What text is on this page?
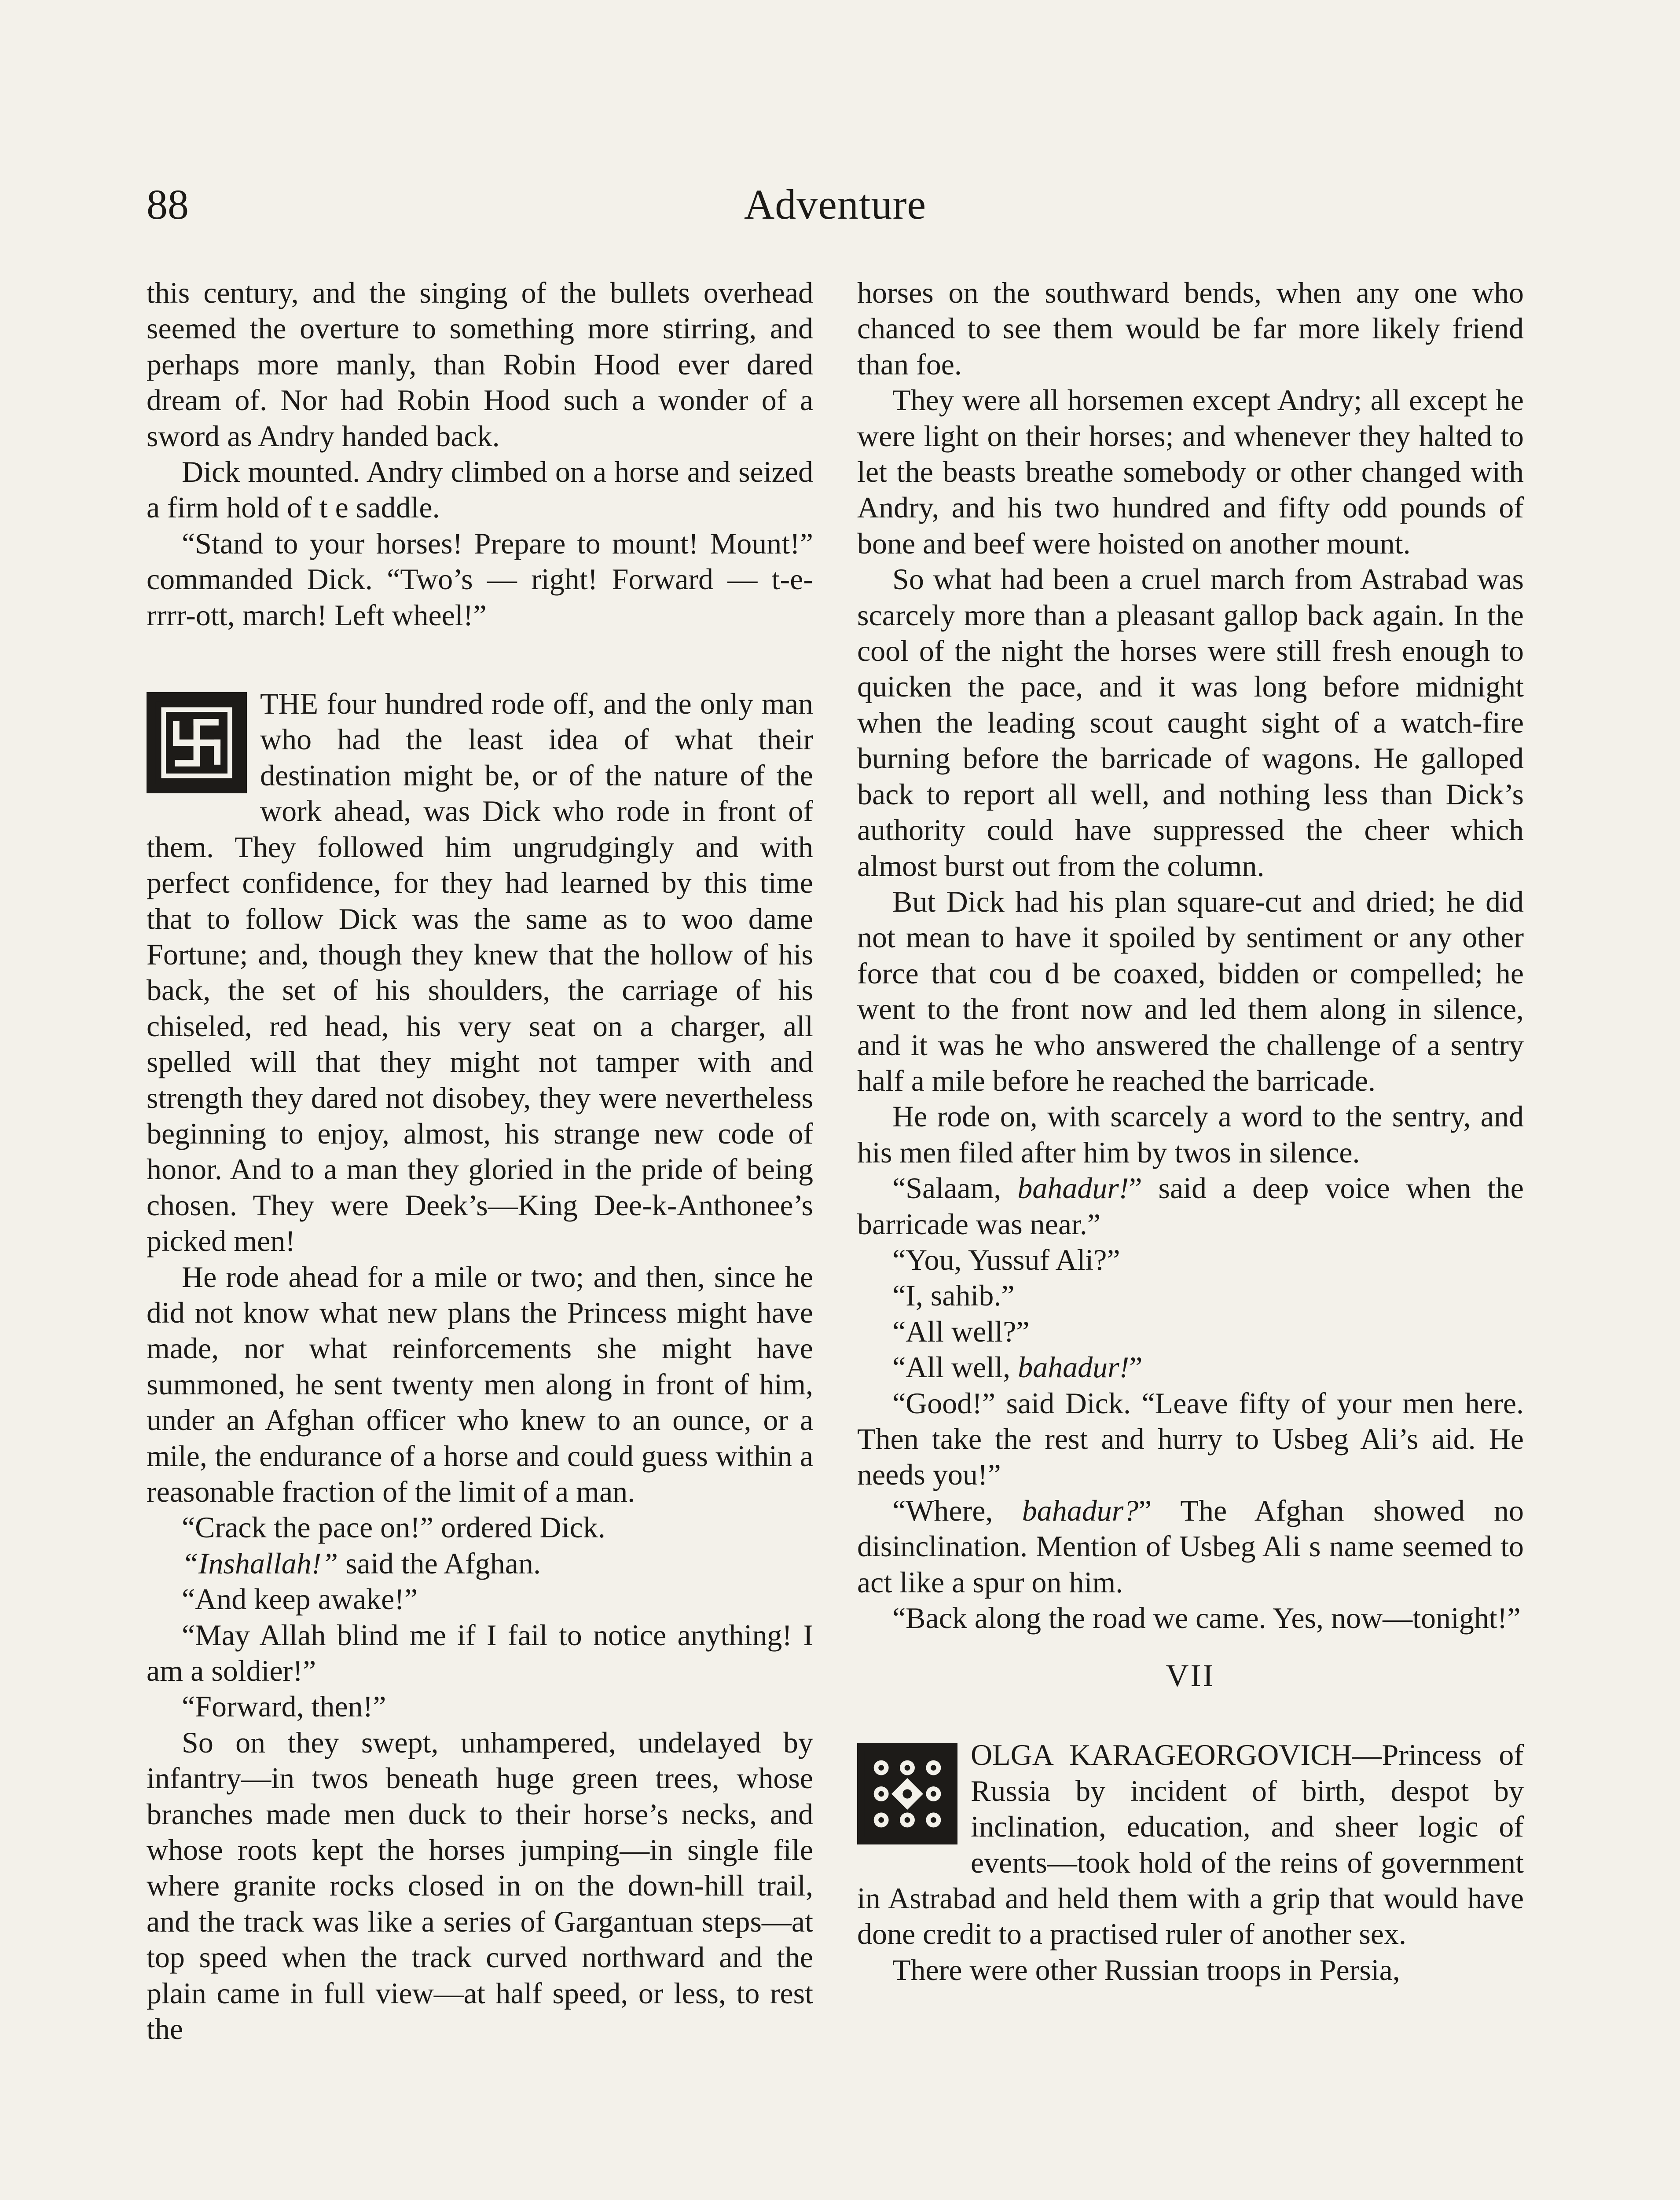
88	Adventure

this century, and the singing of the bullets overhead seemed the overture to something more stirring, and perhaps more manly, than Robin Hood ever dared dream of. Nor had Robin Hood such a wonder of a sword as Andry handed back.

Dick mounted. Andry climbed on a horse and seized a firm hold of t e saddle.

“Stand to your horses! Prepare to mount! Mount!” commanded Dick. “Two’s — right! Forward — t-e-rrrr-ott, march! Left wheel!”

THE four hundred rode off, and the only man who had the least idea of what their destination might be, or of the nature of the work ahead, was Dick who rode in front of them. They followed him ungrudgingly and with perfect confidence, for they had learned by this time that to follow Dick was the same as to woo dame Fortune; and, though they knew that the hollow of his back, the set of his shoulders, the carriage of his chiseled, red head, his very seat on a charger, all spelled will that they might not tamper with and strength they dared not disobey, they were nevertheless beginning to enjoy, almost, his strange new code of honor. And to a man they gloried in the pride of being chosen. They were Deek’s—King Dee-k-Anthonee’s picked men!

He rode ahead for a mile or two; and then, since he did not know what new plans the Princess might have made, nor what reinforcements she might have summoned, he sent twenty men along in front of him, under an Afghan officer who knew to an ounce, or a mile, the endurance of a horse and could guess within a reasonable fraction of the limit of a man.

“Crack the pace on!” ordered Dick.

“Inshallah!” said the Afghan.

“And keep awake!”

“May Allah blind me if I fail to notice anything! I am a soldier!”

“Forward, then!”

So on they swept, unhampered, undelayed by infantry—in twos beneath huge green trees, whose branches made men duck to their horse’s necks, and whose roots kept the horses jumping—in single file where granite rocks closed in on the down-hill trail, and the track was like a series of Gargantuan steps—at top speed when the track curved northward and the plain came in full view—at half speed, or less, to rest the

horses on the southward bends, when any one who chanced to see them would be far more likely friend than foe.

They were all horsemen except Andry; all except he were light on their horses; and whenever they halted to let the beasts breathe somebody or other changed with Andry, and his two hundred and fifty odd pounds of bone and beef were hoisted on another mount.

So what had been a cruel march from Astrabad was scarcely more than a pleasant gallop back again. In the cool of the night the horses were still fresh enough to quicken the pace, and it was long before midnight when the leading scout caught sight of a watch-fire burning before the barricade of wagons. He galloped back to report all well, and nothing less than Dick’s authority could have suppressed the cheer which almost burst out from the column.

But Dick had his plan square-cut and dried; he did not mean to have it spoiled by sentiment or any other force that cou d be coaxed, bidden or compelled; he went to the front now and led them along in silence, and it was he who answered the challenge of a sentry half a mile before he reached the barricade.

He rode on, with scarcely a word to the sentry, and his men filed after him by twos in silence.

“Salaam, bahadur!” said a deep voice when the barricade was near.”

“You, Yussuf Ali?”

“I, sahib.”

“All well?”

“All well, bahadur!”

“Good!” said Dick. “Leave fifty of your men here. Then take the rest and hurry to Usbeg Ali’s aid. He needs you!”

“Where, bahadur?” The Afghan showed no disinclination. Mention of Usbeg Ali s name seemed to act like a spur on him.

“Back along the road we came. Yes, now—tonight!”

VII

OLGA KARAGEORGOVICH—Princess of Russia by incident of birth, despot by inclination, education, and sheer logic of events—took hold of the reins of government in Astrabad and held them with a grip that would have done credit to a practised ruler of another sex.

There were other Russian troops in Persia,
